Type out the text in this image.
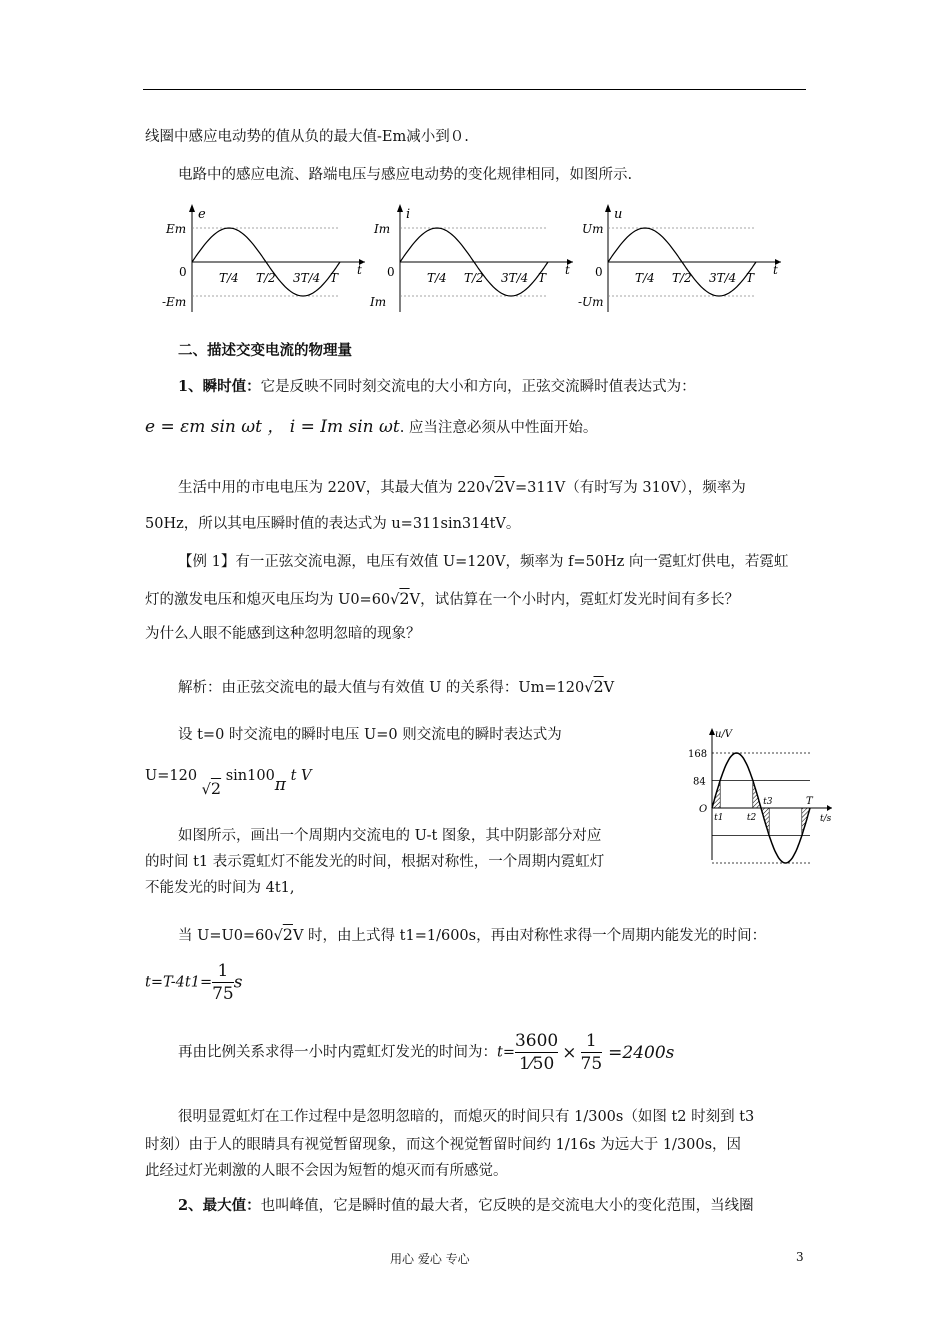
线圈中感应电动势的值从负的最大值-Em减小到０.
电路中的感应电流、路端电压与感应电动势的变化规律相同，如图所示.
e
Em
-Em
0	t
T/4 T/2 3T/4 T
i
Im
Im
0	t
T/4 T/2 3T/4 T
u
Um
-Um
0	t
T/4 T/2 3T/4 T
二、描述交变电流的物理量
1、瞬时值：它是反映不同时刻交流电的大小和方向，正弦交流瞬时值表达式为：
e = εm sin ωt ， i = Im sin ωt. 应当注意必须从中性面开始。
生活中用的市电电压为 220V，其最大值为 220√2V=311V（有时写为 310V），频率为
50Hz，所以其电压瞬时值的表达式为 u=311sin314tV。
【例 1】有一正弦交流电源，电压有效值 U=120V，频率为 f=50Hz 向一霓虹灯供电，若霓虹
灯的激发电压和熄灭电压均为 U0=60√2V，试估算在一个小时内，霓虹灯发光时间有多长？
为什么人眼不能感到这种忽明忽暗的现象？
解析：由正弦交流电的最大值与有效值 U 的关系得：Um=120√2V
设 t=0 时交流电的瞬时电压 U=0 则交流电的瞬时表达式为
U=120 √2 sin100π t V
u/V
168
84
O
t1	t2
t3	T
t/s
如图所示，画出一个周期内交流电的 U-t 图象，其中阴影部分对应
的时间 t1 表示霓虹灯不能发光的时间，根据对称性，一个周期内霓虹灯
不能发光的时间为 4t1,
当 U=U0=60√2V 时，由上式得 t1=1/600s，再由对称性求得一个周期内能发光的时间：
$t=T-4t1= \frac{1}{75}$ s
再由比例关系求得一小时内霓虹灯发光的时间为：$t= \frac{3600}{1⁄50} \times \frac{1}{75} =2400s$
很明显霓虹灯在工作过程中是忽明忽暗的，而熄灭的时间只有 1/300s（如图 t2 时刻到 t3
时刻）由于人的眼睛具有视觉暂留现象，而这个视觉暂留时间约 1/16s 为远大于 1/300s，因
此经过灯光刺激的人眼不会因为短暂的熄灭而有所感觉。
2、最大值：也叫峰值，它是瞬时值的最大者，它反映的是交流电大小的变化范围，当线圈
用心 爱心 专心	3
